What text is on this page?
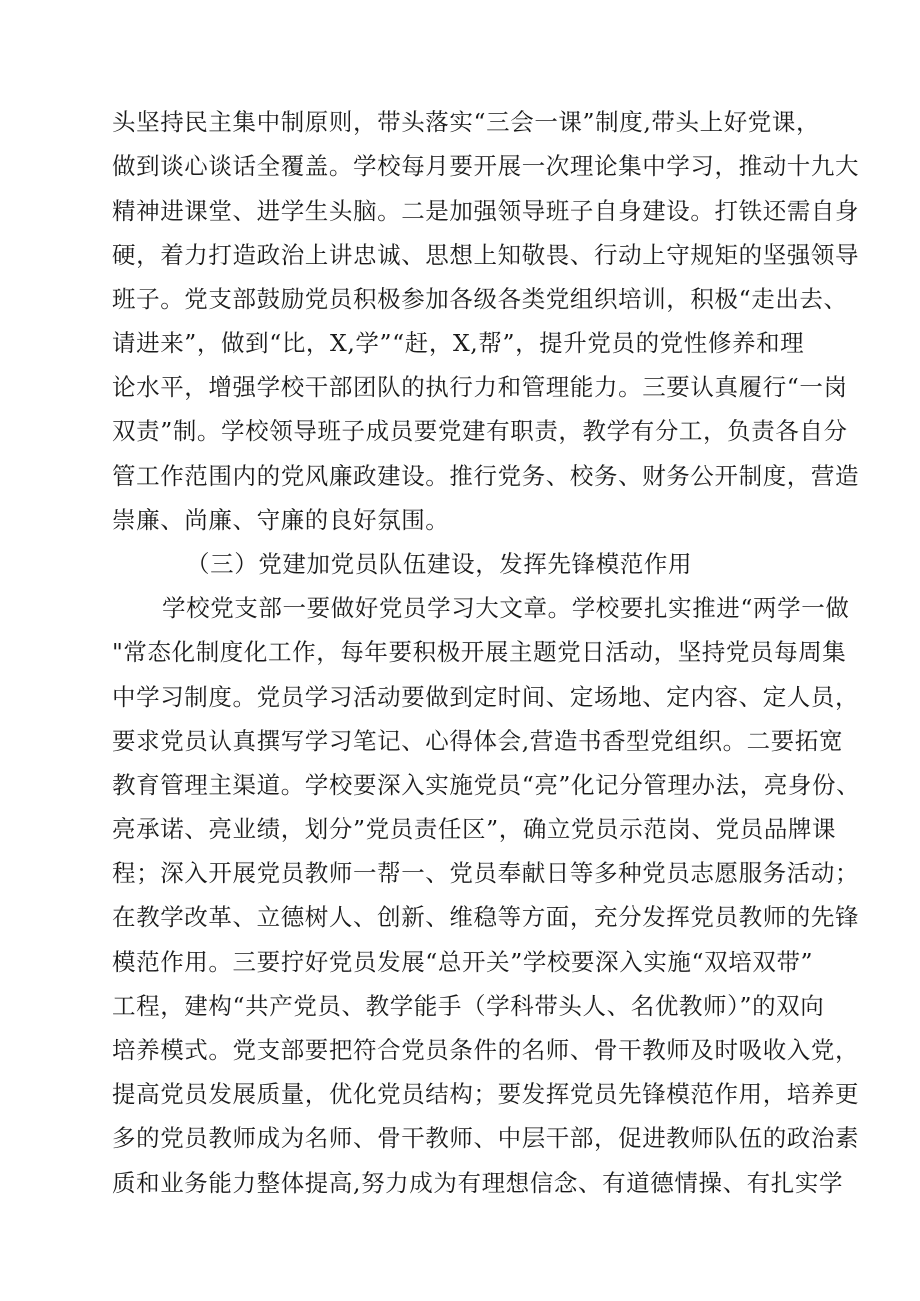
头坚持民主集中制原则，带头落实“三会一课”制度,带头上好党课，
做到谈心谈话全覆盖。学校每月要开展一次理论集中学习，推动十九大
精神进课堂、进学生头脑。二是加强领导班子自身建设。打铁还需自身
硬，着力打造政治上讲忠诚、思想上知敬畏、行动上守规矩的坚强领导
班子。党支部鼓励党员积极参加各级各类党组织培训，积极“走出去、
请进来”，做到“比，X,学”“赶，X,帮”，提升党员的党性修养和理
论水平，增强学校干部团队的执行力和管理能力。三要认真履行“一岗
双责”制。学校领导班子成员要党建有职责，教学有分工，负责各自分
管工作范围内的党风廉政建设。推行党务、校务、财务公开制度，营造
崇廉、尚廉、守廉的良好氛围。
（三）党建加党员队伍建设，发挥先锋模范作用
学校党支部一要做好党员学习大文章。学校要扎实推进“两学一做
"常态化制度化工作，每年要积极开展主题党日活动，坚持党员每周集
中学习制度。党员学习活动要做到定时间、定场地、定内容、定人员，
要求党员认真撰写学习笔记、心得体会,营造书香型党组织。二要拓宽
教育管理主渠道。学校要深入实施党员“亮”化记分管理办法，亮身份、
亮承诺、亮业绩，划分”党员责任区”，确立党员示范岗、党员品牌课
程；深入开展党员教师一帮一、党员奉献日等多种党员志愿服务活动；
在教学改革、立德树人、创新、维稳等方面，充分发挥党员教师的先锋
模范作用。三要拧好党员发展“总开关”学校要深入实施“双培双带”
工程，建构“共产党员、教学能手（学科带头人、名优教师）”的双向
培养模式。党支部要把符合党员条件的名师、骨干教师及时吸收入党，
提高党员发展质量，优化党员结构；要发挥党员先锋模范作用，培养更
多的党员教师成为名师、骨干教师、中层干部，促进教师队伍的政治素
质和业务能力整体提高,努力成为有理想信念、有道德情操、有扎实学
